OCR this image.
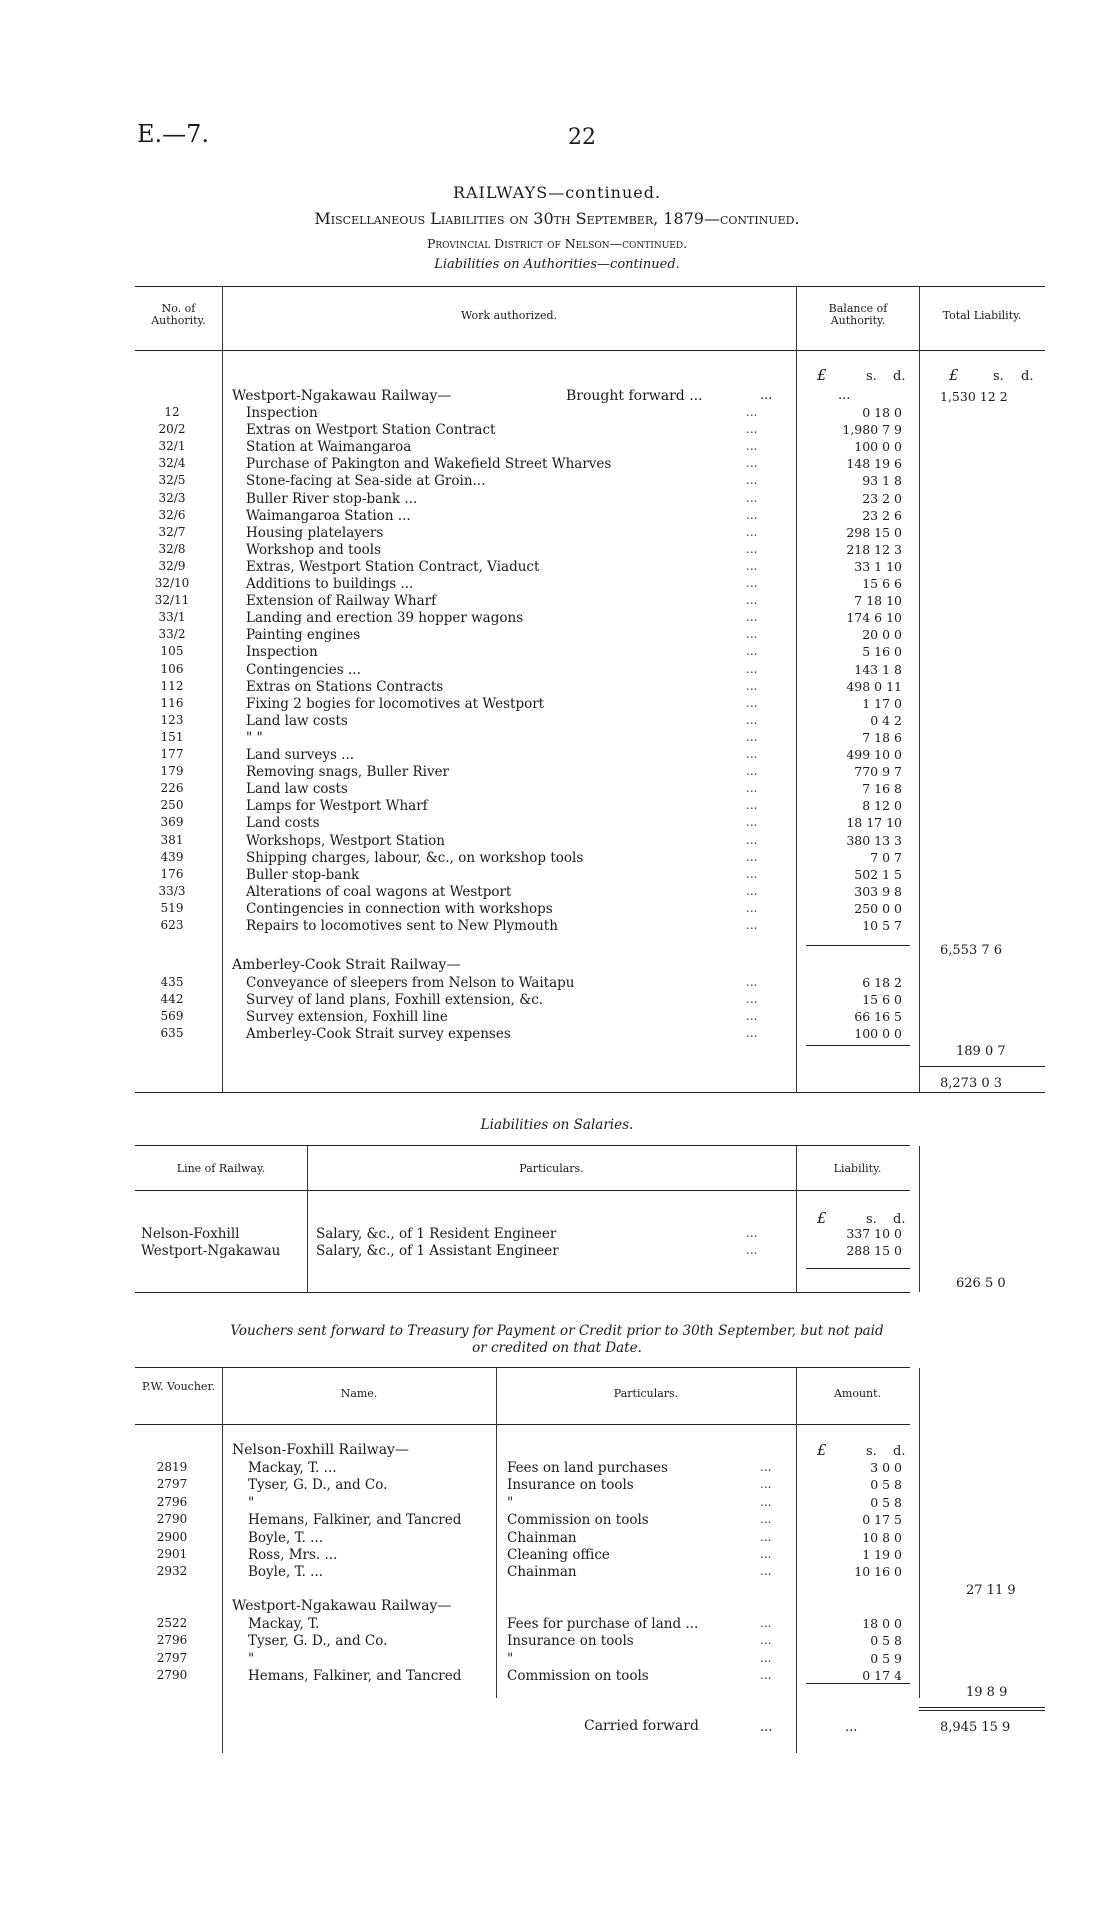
E.—7.	22
RAILWAYS—continued.
Miscellaneous Liabilities on 30th September, 1879—continued.
Provincial District of Nelson—continued.
Liabilities on Authorities—continued.
No. of Authority.	Work authorized.
Balance of Authority.	Total Liability.
£	s. d.	£	s. d.
Westport-Ngakawau Railway—	Brought forward ...	...	...	1,530 12 2
12	Inspection	...	0 18 0
20/2	Extras on Westport Station Contract	...	1,980 7 9
32/1	Station at Waimangaroa	...	100 0 0
32/4	Purchase of Pakington and Wakefield Street Wharves	...	148 19 6
32/5	Stone-facing at Sea-side at Groin...	...	93 1 8
32/3	Buller River stop-bank ...	...	23 2 0
32/6	Waimangaroa Station ...	...	23 2 6
32/7	Housing platelayers	...	298 15 0
32/8	Workshop and tools	...	218 12 3
32/9	Extras, Westport Station Contract, Viaduct	...	33 1 10
32/10	Additions to buildings ...	...	15 6 6
32/11	Extension of Railway Wharf	...	7 18 10
33/1	Landing and erection 39 hopper wagons	...	174 6 10
33/2	Painting engines	...	20 0 0
105	Inspection	...	5 16 0
106	Contingencies ...	...	143 1 8
112	Extras on Stations Contracts	...	498 0 11
116	Fixing 2 bogies for locomotives at Westport	...	1 17 0
123	Land law costs	...	0 4 2
151	" "	...	7 18 6
177	Land surveys ...	...	499 10 0
179	Removing snags, Buller River	...	770 9 7
226	Land law costs	...	7 16 8
250	Lamps for Westport Wharf	...	8 12 0
369	Land costs	...	18 17 10
381	Workshops, Westport Station	...	380 13 3
439	Shipping charges, labour, &c., on workshop tools	...	7 0 7
176	Buller stop-bank	...	502 1 5
33/3	Alterations of coal wagons at Westport	...	303 9 8
519	Contingencies in connection with workshops	...	250 0 0
623	Repairs to locomotives sent to New Plymouth	...	10 5 7
6,553 7 6
Amberley-Cook Strait Railway—
435	Conveyance of sleepers from Nelson to Waitapu	...	6 18 2
442	Survey of land plans, Foxhill extension, &c.	...	15 6 0
569	Survey extension, Foxhill line	...	66 16 5
635	Amberley-Cook Strait survey expenses	...	100 0 0
189 0 7
8,273 0 3
Liabilities on Salaries.
Line of Railway.	Particulars.	Liability.
£	s. d.
Nelson-Foxhill	Salary, &c., of 1 Resident Engineer	...	337 10 0
Westport-Ngakawau	Salary, &c., of 1 Assistant Engineer	...	288 15 0
626 5 0
Vouchers sent forward to Treasury for Payment or Credit prior to 30th September, but not paid
or credited on that Date.
P.W. Voucher.
Name.	Particulars.	Amount.
Nelson-Foxhill Railway—	£	s. d.
2819	Mackay, T. ...	Fees on land purchases	...	3 0 0
2797	Tyser, G. D., and Co.	Insurance on tools	...	0 5 8
2796	"	"	...	0 5 8
2790	Hemans, Falkiner, and Tancred	Commission on tools	...	0 17 5
2900	Boyle, T. ...	Chainman	...	10 8 0
2901	Ross, Mrs. ...	Cleaning office	...	1 19 0
2932	Boyle, T. ...	Chainman	...	10 16 0
27 11 9
Westport-Ngakawau Railway—
2522	Mackay, T.	Fees for purchase of land ...	...	18 0 0
2796	Tyser, G. D., and Co.	Insurance on tools	...	0 5 8
2797	"	"	...	0 5 9
2790	Hemans, Falkiner, and Tancred	Commission on tools	...	0 17 4
19 8 9
Carried forward	...	...	8,945 15 9
